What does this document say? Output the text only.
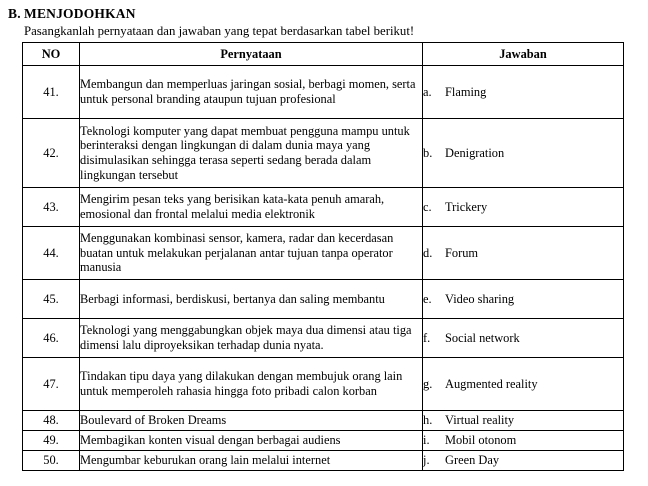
B. MENJODOHKAN
Pasangkanlah pernyataan dan jawaban yang tepat berdasarkan tabel berikut!
NO	Pernyataan	Jawaban
41.	Membangun dan memperluas jaringan sosial, berbagi momen, serta untuk personal branding ataupun tujuan profesional	a. Flaming

42.	Teknologi komputer yang dapat membuat pengguna mampu untuk berinteraksi dengan lingkungan di dalam dunia maya yang disimulasikan sehingga terasa seperti sedang berada dalam lingkungan tersebut	b. Denigration

43.	Mengirim pesan teks yang berisikan kata-kata penuh amarah, emosional dan frontal melalui media elektronik	c. Trickery

44.	Menggunakan kombinasi sensor, kamera, radar dan kecerdasan buatan untuk melakukan perjalanan antar tujuan tanpa operator manusia	d. Forum

45.	Berbagi informasi, berdiskusi, bertanya dan saling membantu	e. Video sharing

46.	Teknologi yang menggabungkan objek maya dua dimensi atau tiga dimensi lalu diproyeksikan terhadap dunia nyata.	f. Social network

47.	Tindakan tipu daya yang dilakukan dengan membujuk orang lain untuk memperoleh rahasia hingga foto pribadi calon korban	g. Augmented reality

48.	Boulevard of Broken Dreams	h. Virtual reality

49.	Membagikan konten visual dengan berbagai audiens	i. Mobil otonom

50.	Mengumbar keburukan orang lain melalui internet	j. Green Day
